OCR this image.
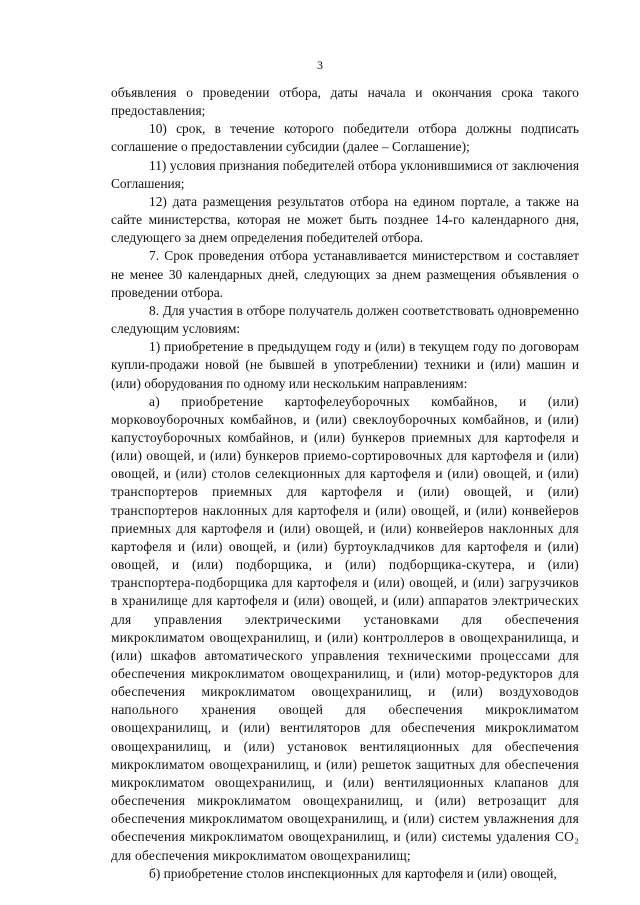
3

объявления о проведении отбора, даты начала и окончания срока такого предоставления;

10) срок, в течение которого победители отбора должны подписать соглашение о предоставлении субсидии (далее – Соглашение);

11) условия признания победителей отбора уклонившимися от заключения Соглашения;

12) дата размещения результатов отбора на едином портале, а также на сайте министерства, которая не может быть позднее 14-го календарного дня, следующего за днем определения победителей отбора.

7. Срок проведения отбора устанавливается министерством и составляет не менее 30 календарных дней, следующих за днем размещения объявления о проведении отбора.

8. Для участия в отборе получатель должен соответствовать одновременно следующим условиям:

1) приобретение в предыдущем году и (или) в текущем году по договорам купли-продажи новой (не бывшей в употреблении) техники и (или) машин и (или) оборудования по одному или нескольким направлениям:

а) приобретение картофелеуборочных комбайнов, и (или) морковоуборочных комбайнов, и (или) свеклоуборочных комбайнов, и (или) капустоуборочных комбайнов, и (или) бункеров приемных для картофеля и (или) овощей, и (или) бункеров приемо-сортировочных для картофеля и (или) овощей, и (или) столов селекционных для картофеля и (или) овощей, и (или) транспортеров приемных для картофеля и (или) овощей, и (или) транспортеров наклонных для картофеля и (или) овощей, и (или) конвейеров приемных для картофеля и (или) овощей, и (или) конвейеров наклонных для картофеля и (или) овощей, и (или) буртоукладчиков для картофеля и (или) овощей, и (или) подборщика, и (или) подборщика-скутера, и (или) транспортера-подборщика для картофеля и (или) овощей, и (или) загрузчиков в хранилище для картофеля и (или) овощей, и (или) аппаратов электрических для управления электрическими установками для обеспечения микроклиматом овощехранилищ, и (или) контроллеров в овощехранилища, и (или) шкафов автоматического управления техническими процессами для обеспечения микроклиматом овощехранилищ, и (или) мотор-редукторов для обеспечения микроклиматом овощехранилищ, и (или) воздуховодов напольного хранения овощей для обеспечения микроклиматом овощехранилищ, и (или) вентиляторов для обеспечения микроклиматом овощехранилищ, и (или) установок вентиляционных для обеспечения микроклиматом овощехранилищ, и (или) решеток защитных для обеспечения микроклиматом овощехранилищ, и (или) вентиляционных клапанов для обеспечения микроклиматом овощехранилищ, и (или) ветрозащит для обеспечения микроклиматом овощехранилищ, и (или) систем увлажнения для обеспечения микроклиматом овощехранилищ, и (или) системы удаления CO₂ для обеспечения микроклиматом овощехранилищ;

б) приобретение столов инспекционных для картофеля и (или) овощей,
